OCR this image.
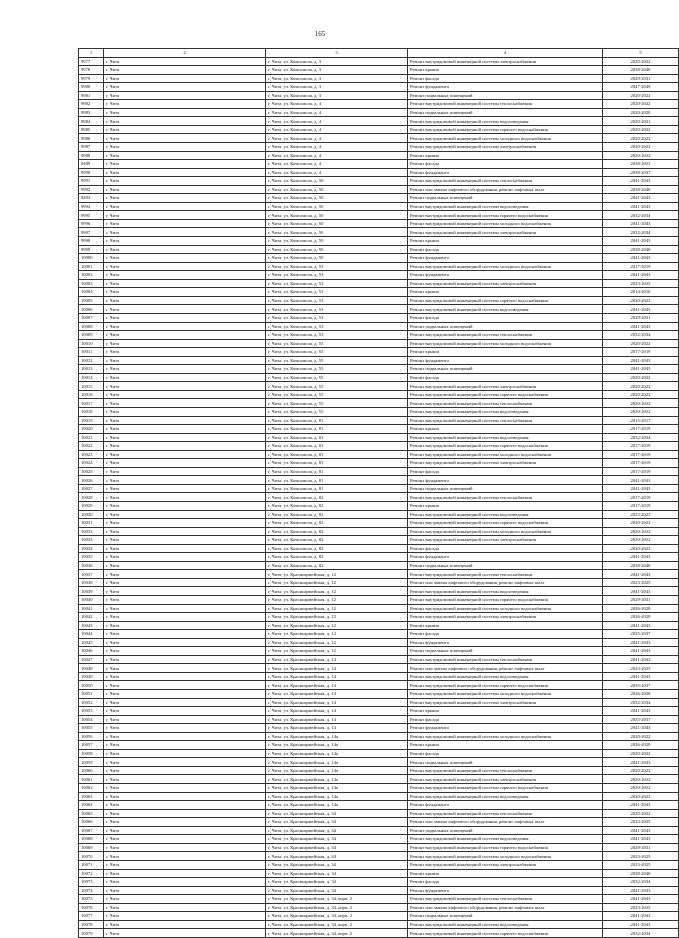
165
1	2	3	4	5
9977	г. Чита	г. Чита, ул. Комсомола, д. 3	Ремонт внутридомовой инженерной системы электроснабжения	2020-2022
9978	г. Чита	г. Чита, ул. Комсомола, д. 3	Ремонт крыши	2038-2040
9979	г. Чита	г. Чита, ул. Комсомола, д. 3	Ремонт фасада	2029-2031
9980	г. Чита	г. Чита, ул. Комсомола, д. 3	Ремонт фундамента	2047-2049
9981	г. Чита	г. Чита, ул. Комсомола, д. 3	Ремонт подвальных помещений	2020-2022
9982	г. Чита	г. Чита, ул. Комсомола, д. 4	Ремонт внутридомовой инженерной системы теплоснабжения	2020-2022
9983	г. Чита	г. Чита, ул. Комсомола, д. 4	Ремонт подвальных помещений	2020-2020
9984	г. Чита	г. Чита, ул. Комсомола, д. 4	Ремонт внутридомовой инженерной системы водоотведения	2020-2021
9985	г. Чита	г. Чита, ул. Комсомола, д. 4	Ремонт внутридомовой инженерной системы горячего водоснабжения	2020-2022
9986	г. Чита	г. Чита, ул. Комсомола, д. 4	Ремонт внутридомовой инженерной системы холодного водоснабжения	2020-2022
9987	г. Чита	г. Чита, ул. Комсомола, д. 4	Ремонт внутридомовой инженерной системы электроснабжения	2020-2022
9988	г. Чита	г. Чита, ул. Комсомола, д. 4	Ремонт крыши	2020-2022
9489	г. Чита	г. Чита, ул. Комсомола, д. 4	Ремонт фасада	2038-2023
9990	г. Чита	г. Чита, ул. Комсомола, д. 4	Ремонт фундамента	2038-2037
9991	г. Чита	г. Чита, ул. Комсомола, д. 50	Ремонт внутридомовой инженерной системы теплоснабжения	2041-2043
9992	г. Чита	г. Чита, ул. Комсомола, д. 50	Ремонт или замена лифтового оборудования, ремонт лифтовых шахт	2038-2040
9493	г. Чита	г. Чита, ул. Комсомола, д. 50	Ремонт подвальных помещений	2041-2043
9994	г. Чита	г. Чита, ул. Комсомола, д. 50	Ремонт внутридомовой инженерной системы водоотведения	2041-2043
9995	г. Чита	г. Чита, ул. Комсомола, д. 50	Ремонт внутридомовой инженерной системы горячего водоснабжения	2032-2034
9996	г. Чита	г. Чита, ул. Комсомола, д. 50	Ремонт внутридомовой инженерной системы холодного водоснабжения	2041-2043
9997	г. Чита	г. Чита, ул. Комсомола, д. 50	Ремонт внутридомовой инженерной системы электроснабжения	2032-2034
9998	г. Чита	г. Чита, ул. Комсомола, д. 50	Ремонт крыши	2041-2043
9999	г. Чита	г. Чита, ул. Комсомола, д. 50	Ремонт фасада	2038-2040
10000	г. Чита	г. Чита, ул. Комсомола, д. 50	Ремонт фундамента	2041-2043
10001	г. Чита	г. Чита, ул. Комсомола, д. 53	Ремонт внутридомовой инженерной системы холодного водоснабжения	2017-2019
10002	г. Чита	г. Чита, ул. Комсомола, д. 53	Ремонт фундамента	2041-2043
10003	г. Чита	г. Чита, ул. Комсомола, д. 53	Ремонт внутридомовой инженерной системы электроснабжения	2023-2025
10004	г. Чита	г. Чита, ул. Комсомола, д. 53	Ремонт крыши	2014-2016
10005	г. Чита	г. Чита, ул. Комсомола, д. 53	Ремонт внутридомовой инженерной системы горячего водоснабжения	2020-2022
10006	г. Чита	г. Чита, ул. Комсомола, д. 53	Ремонт внутридомовой инженерной системы водоотведения	2041-2043
10007	г. Чита	г. Чита, ул. Комсомола, д. 53	Ремонт фасада	2029-2031
10008	г. Чита	г. Чита, ул. Комсомола, д. 53	Ремонт подвальных помещений	2041-2043
10009	г. Чита	г. Чита, ул. Комсомола, д. 53	Ремонт внутридомовой инженерной системы теплоснабжения	2032-2034
10010	г. Чита	г. Чита, ул. Комсомола, д. 55	Ремонт внутридомовой инженерной системы холодного водоснабжения	2020-2022
10011	г. Чита	г. Чита, ул. Комсомола, д. 55	Ремонт крыши	2017-2019
10012	г. Чита	г. Чита, ул. Комсомола, д. 55	Ремонт фундамента	2041-2043
10013	г. Чита	г. Чита, ул. Комсомола, д. 55	Ремонт подвальных помещений	2041-2043
10014	г. Чита	г. Чита, ул. Комсомола, д. 55	Ремонт фасада	2020-2022
10015	г. Чита	г. Чита, ул. Комсомола, д. 55	Ремонт внутридомовой инженерной системы электроснабжения	2020-2022
10016	г. Чита	г. Чита, ул. Комсомола, д. 55	Ремонт внутридомовой инженерной системы горячего водоснабжения	2020-2022
10017	г. Чита	г. Чита, ул. Комсомола, д. 55	Ремонт внутридомовой инженерной системы теплоснабжения	2020-2022
10018	г. Чита	г. Чита, ул. Комсомола, д. 55	Ремонт внутридомовой инженерной системы водоотведения	2020-2022
10019	г. Чита	г. Чита, ул. Комсомола, д. 81	Ремонт внутридомовой инженерной системы теплоснабжения	2015-2017
10020	г. Чита	г. Чита, ул. Комсомола, д. 81	Ремонт крыши	2017-2019
10021	г. Чита	г. Чита, ул. Комсомола, д. 81	Ремонт внутридомовой инженерной системы водоотведения	2032-2034
10022	г. Чита	г. Чита, ул. Комсомола, д. 81	Ремонт внутридомовой инженерной системы горячего водоснабжения	2017-2019
10023	г. Чита	г. Чита, ул. Комсомола, д. 81	Ремонт внутридомовой инженерной системы холодного водоснабжения	2017-2019
10024	г. Чита	г. Чита, ул. Комсомола, д. 81	Ремонт внутридомовой инженерной системы электроснабжения	2017-2019
10025	г. Чита	г. Чита, ул. Комсомола, д. 81	Ремонт фасада	2017-2019
10026	г. Чита	г. Чита, ул. Комсомола, д. 81	Ремонт фундамента	2041-2043
10027	г. Чита	г. Чита, ул. Комсомола, д. 81	Ремонт подвальных помещений	2041-2043
10028	г. Чита	г. Чита, ул. Комсомола, д. 82	Ремонт внутридомовой инженерной системы теплоснабжения	2017-2019
10029	г. Чита	г. Чита, ул. Комсомола, д. 82	Ремонт крыши	2017-2019
10030	г. Чита	г. Чита, ул. Комсомола, д. 82	Ремонт внутридомовой инженерной системы водоотведения	2023-2025
10031	г. Чита	г. Чита, ул. Комсомола, д. 82	Ремонт внутридомовой инженерной системы горячего водоснабжения	2020-2022
10032	г. Чита	г. Чита, ул. Комсомола, д. 82	Ремонт внутридомовой инженерной системы холодного водоснабжения	2020-2022
10033	г. Чита	г. Чита, ул. Комсомола, д. 82	Ремонт внутридомовой инженерной системы электроснабжения	2020-2022
10034	г. Чита	г. Чита, ул. Комсомола, д. 82	Ремонт фасада	2020-2022
10035	г. Чита	г. Чита, ул. Комсомола, д. 82	Ремонт фундамента	2041-2043
10036	г. Чита	г. Чита, ул. Комсомола, д. 82	Ремонт подвальных помещений	2038-2040
10037	г. Чита	г. Чита, ул. Красноармейская, д. 12	Ремонт внутридомовой инженерной системы теплоснабжения	2041-2043
10038	г. Чита	г. Чита, ул. Красноармейская, д. 12	Ремонт или замена лифтового оборудования, ремонт лифтовых шахт	2023-2025
10039	г. Чита	г. Чита, ул. Красноармейская, д. 12	Ремонт внутридомовой инженерной системы водоотведения	2041-2043
10040	г. Чита	г. Чита, ул. Красноармейская, д. 12	Ремонт внутридомовой инженерной системы горячего водоснабжения	2029-2031
10041	г. Чита	г. Чита, ул. Красноармейская, д. 12	Ремонт внутридомовой инженерной системы холодного водоснабжения	2026-2028
10042	г. Чита	г. Чита, ул. Красноармейская, д. 12	Ремонт внутридомовой инженерной системы электроснабжения	2026-2028
10043	г. Чита	г. Чита, ул. Красноармейская, д. 12	Ремонт крыши	2041-2043
10044	г. Чита	г. Чита, ул. Красноармейская, д. 12	Ремонт фасада	2035-2037
10045	г. Чита	г. Чита, ул. Красноармейская, д. 12	Ремонт фундамента	2041-2043
10046	г. Чита	г. Чита, ул. Красноармейская, д. 12	Ремонт подвальных помещений	2041-2043
10047	г. Чита	г. Чита, ул. Красноармейская, д. 14	Ремонт внутридомовой инженерной системы теплоснабжения	2041-2043
10048	г. Чита	г. Чита, ул. Красноармейская, д. 14	Ремонт или замена лифтового оборудования, ремонт лифтовых шахт	2023-2025
10049	г. Чита	г. Чита, ул. Красноармейская, д. 14	Ремонт внутридомовой инженерной системы водоотведения	2041-2043
10050	г. Чита	г. Чита, ул. Красноармейская, д. 14	Ремонт внутридомовой инженерной системы горячего водоснабжения	2035-2037
10051	г. Чита	г. Чита, ул. Красноармейская, д. 14	Ремонт внутридомовой инженерной системы холодного водоснабжения	2026-2028
10052	г. Чита	г. Чита, ул. Красноармейская, д. 14	Ремонт внутридомовой инженерной системы электроснабжения	2032-2034
10053	г. Чита	г. Чита, ул. Красноармейская, д. 14	Ремонт крыши	2041-2043
10054	г. Чита	г. Чита, ул. Красноармейская, д. 14	Ремонт фасада	2035-2037
10055	г. Чита	г. Чита, ул. Красноармейская, д. 14	Ремонт фундамента	2041-2043
10056	г. Чита	г. Чита, ул. Красноармейская, д. 14а	Ремонт внутридомовой инженерной системы холодного водоснабжения	2020-2022
10057	г. Чита	г. Чита, ул. Красноармейская, д. 14а	Ремонт крыши	2026-2028
10058	г. Чита	г. Чита, ул. Красноармейская, д. 14а	Ремонт фасада	2020-2022
10059	г. Чита	г. Чита, ул. Красноармейская, д. 14а	Ремонт подвальных помещений	2041-2043
10060	г. Чита	г. Чита, ул. Красноармейская, д. 14а	Ремонт внутридомовой инженерной системы теплоснабжения	2020-2022
10061	г. Чита	г. Чита, ул. Красноармейская, д. 14а	Ремонт внутридомовой инженерной системы электроснабжения	2020-2022
10062	г. Чита	г. Чита, ул. Красноармейская, д. 14а	Ремонт внутридомовой инженерной системы горячего водоснабжения	2020-2022
10063	г. Чита	г. Чита, ул. Красноармейская, д. 14а	Ремонт внутридомовой инженерной системы водоотведения	2020-2022
10064	г. Чита	г. Чита, ул. Красноармейская, д. 14а	Ремонт фундамента	2041-2043
10065	г. Чита	г. Чита, ул. Красноармейская, д. 34	Ремонт внутридомовой инженерной системы теплоснабжения	2020-2022
10066	г. Чита	г. Чита, ул. Красноармейская, д. 34	Ремонт или замена лифтового оборудования, ремонт лифтовых шахт	2023-2025
10067	г. Чита	г. Чита, ул. Красноармейская, д. 34	Ремонт подвальных помещений	2041-2043
10068	г. Чита	г. Чита, ул. Красноармейская, д. 34	Ремонт внутридомовой инженерной системы водоотведения	2041-2043
10069	г. Чита	г. Чита, ул. Красноармейская, д. 34	Ремонт внутридомовой инженерной системы горячего водоснабжения	2029-2031
10070	г. Чита	г. Чита, ул. Красноармейская, д. 34	Ремонт внутридомовой инженерной системы холодного водоснабжения	2023-2025
10071	г. Чита	г. Чита, ул. Красноармейская, д. 34	Ремонт внутридомовой инженерной системы электроснабжения	2023-2025
10072	г. Чита	г. Чита, ул. Красноармейская, д. 34	Ремонт крыши	2038-2040
10073	г. Чита	г. Чита, ул. Красноармейская, д. 34	Ремонт фасада	2032-2034
10074	г. Чита	г. Чита, ул. Красноармейская, д. 34	Ремонт фундамента	2041-2043
10075	г. Чита	г. Чита, ул. Красноармейская, д. 34, корп. 2	Ремонт внутридомовой инженерной системы теплоснабжения	2041-2043
10076	г. Чита	г. Чита, ул. Красноармейская, д. 34, корп. 2	Ремонт или замена лифтового оборудования, ремонт лифтовых шахт	2023-2025
10077	г. Чита	г. Чита, ул. Красноармейская, д. 34, корп. 2	Ремонт подвальных помещений	2041-2043
10078	г. Чита	г. Чита, ул. Красноармейская, д. 34, корп. 2	Ремонт внутридомовой инженерной системы водоотведения	2041-2043
10079	г. Чита	г. Чита, ул. Красноармейская, д. 34, корп. 2	Ремонт внутридомовой инженерной системы горячего водоснабжения	2032-2034
